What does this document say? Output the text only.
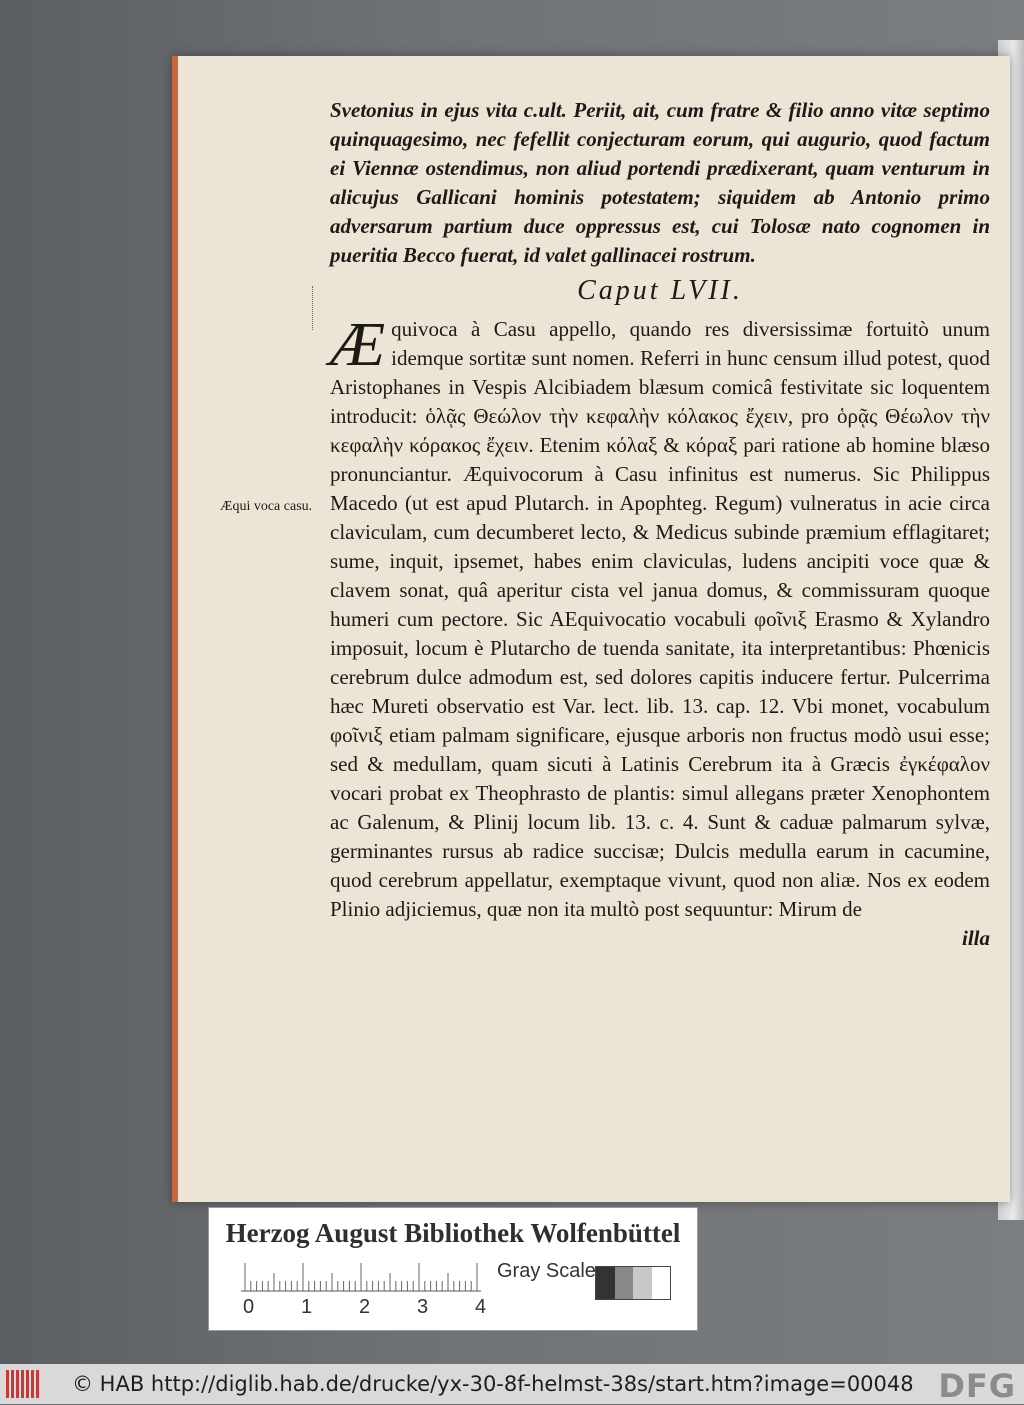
Svetonius in ejus vita c.ult. Periit, ait, cum fratre & filio anno vitæ septimo quinquagesimo, nec fefellit conjecturam eorum, qui augurio, quod factum ei Viennæ ostendimus, non aliud portendi prædixerant, quam venturum in alicujus Gallicani hominis potestatem; siquidem ab Antonio primo adversarum partium duce oppressus est, cui Tolosæ nato cognomen in pueritia Becco fuerat, id valet gallinacei rostrum.

Caput LVII.

Æquivoca à Casu appello, quando res diversissimæ fortuitò unum idemque sortitæ sunt nomen. Referri in hunc censum illud potest, quod Aristophanes in Vespis Alcibiadem blæsum comicâ festivitate sic loquentem introducit: ὁλᾷς Θεώλον τὴν κεφαλὴν κόλακος ἔχειν, pro ὁρᾷς Θέωλον τὴν κεφαλὴν κόρακος ἔχειν. Etenim κόλαξ & κόραξ pari ratione ab homine blæso pronunciantur. Æquivocorum à Casu infinitus est numerus. Sic Philippus Macedo (ut est apud Plutarch. in Apophteg. Regum) vulneratus in acie circa claviculam, cum decumberet lecto, & Medicus subinde præmium efflagitaret; sume, inquit, ipsemet, habes enim claviculas, ludens ancipiti voce quæ & clavem sonat, quâ aperitur cista vel janua domus, & commissuram quoque humeri cum pectore. Sic AEquivocatio vocabuli φοῖνιξ Erasmo & Xylandro imposuit, locum è Plutarcho de tuenda sanitate, ita interpretantibus: Phœnicis cerebrum dulce admodum est, sed dolores capitis inducere fertur. Pulcerrima hæc Mureti observatio est Var. lect. lib. 13. cap. 12. Vbi monet, vocabulum φοῖνιξ etiam palmam significare, ejusque arboris non fructus modò usui esse; sed & medullam, quam sicuti à Latinis Cerebrum ita à Græcis ἐγκέφαλον vocari probat ex Theophrasto de plantis: simul allegans præter Xenophontem ac Galenum, & Plinij locum lib. 13. c. 4. Sunt & caduæ palmarum sylvæ, germinantes rursus ab radice succisæ; Dulcis medulla earum in cacumine, quod cerebrum appellatur, exemptaque vivunt, quod non aliæ. Nos ex eodem Plinio adjiciemus, quæ non ita multò post sequuntur: Mirum de

illa

Æqui voca casu.
Herzog August Bibliothek Wolfenbüttel
0 1 2 3 4
Gray Scale
© HAB http://diglib.hab.de/drucke/yx-30-8f-helmst-38s/start.htm?image=00048 DFG
